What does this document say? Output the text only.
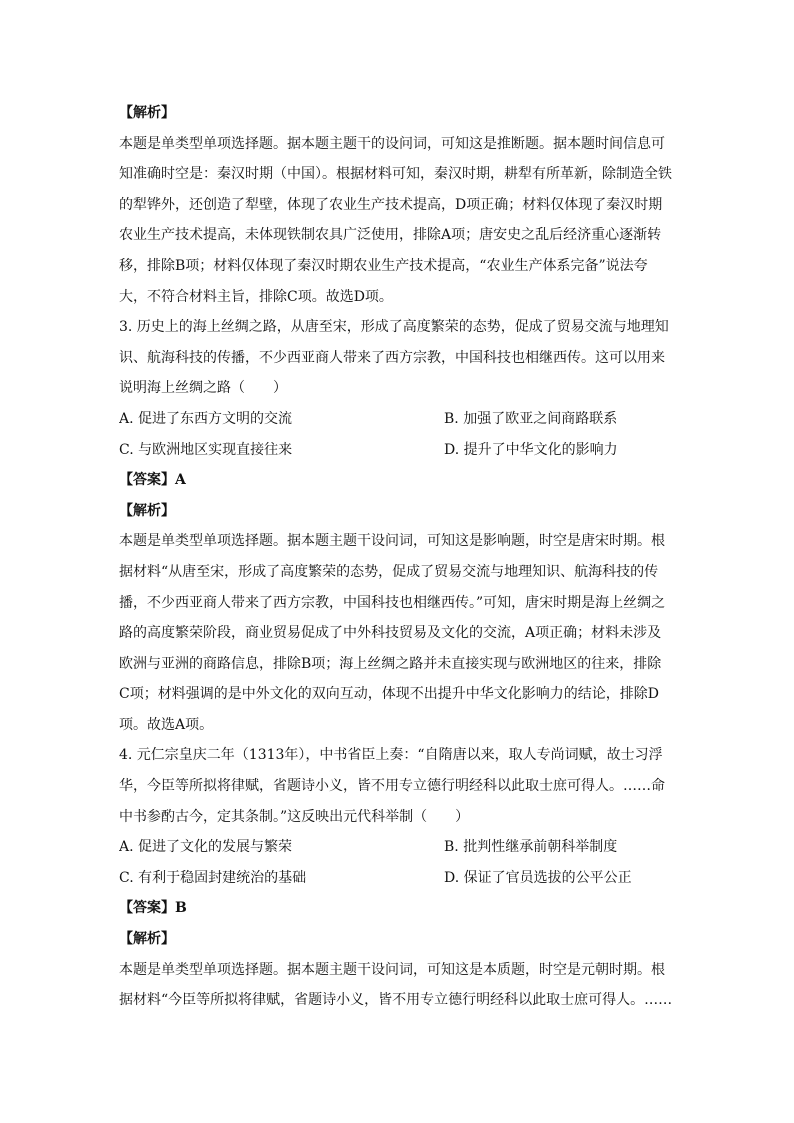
【解析】
本题是单类型单项选择题。据本题主题干的设问词，可知这是推断题。据本题时间信息可
知准确时空是：秦汉时期（中国）。根据材料可知，秦汉时期，耕犁有所革新，除制造全铁
的犁铧外，还创造了犁壁，体现了农业生产技术提高，D项正确；材料仅体现了秦汉时期
农业生产技术提高，未体现铁制农具广泛使用，排除A项；唐安史之乱后经济重心逐渐转
移，排除B项；材料仅体现了秦汉时期农业生产技术提高，“农业生产体系完备”说法夸
大，不符合材料主旨，排除C项。故选D项。
3. 历史上的海上丝绸之路，从唐至宋，形成了高度繁荣的态势，促成了贸易交流与地理知
识、航海科技的传播，不少西亚商人带来了西方宗教，中国科技也相继西传。这可以用来
说明海上丝绸之路（　　）
A. 促进了东西方文明的交流	B. 加强了欧亚之间商路联系
C. 与欧洲地区实现直接往来	D. 提升了中华文化的影响力
【答案】A
【解析】
本题是单类型单项选择题。据本题主题干设问词，可知这是影响题，时空是唐宋时期。根
据材料“从唐至宋，形成了高度繁荣的态势，促成了贸易交流与地理知识、航海科技的传
播，不少西亚商人带来了西方宗教，中国科技也相继西传。”可知，唐宋时期是海上丝绸之
路的高度繁荣阶段，商业贸易促成了中外科技贸易及文化的交流，A项正确；材料未涉及
欧洲与亚洲的商路信息，排除B项；海上丝绸之路并未直接实现与欧洲地区的往来，排除
C项；材料强调的是中外文化的双向互动，体现不出提升中华文化影响力的结论，排除D
项。故选A项。
4. 元仁宗皇庆二年（1313年），中书省臣上奏：“自隋唐以来，取人专尚词赋，故士习浮
华，今臣等所拟将律赋，省题诗小义，皆不用专立德行明经科以此取士庶可得人。……命
中书参酌古今，定其条制。”这反映出元代科举制（　　）
A. 促进了文化的发展与繁荣	B. 批判性继承前朝科举制度
C. 有利于稳固封建统治的基础	D. 保证了官员选拔的公平公正
【答案】B
【解析】
本题是单类型单项选择题。据本题主题干设问词，可知这是本质题，时空是元朝时期。根
据材料“今臣等所拟将律赋，省题诗小义，皆不用专立德行明经科以此取士庶可得人。……
